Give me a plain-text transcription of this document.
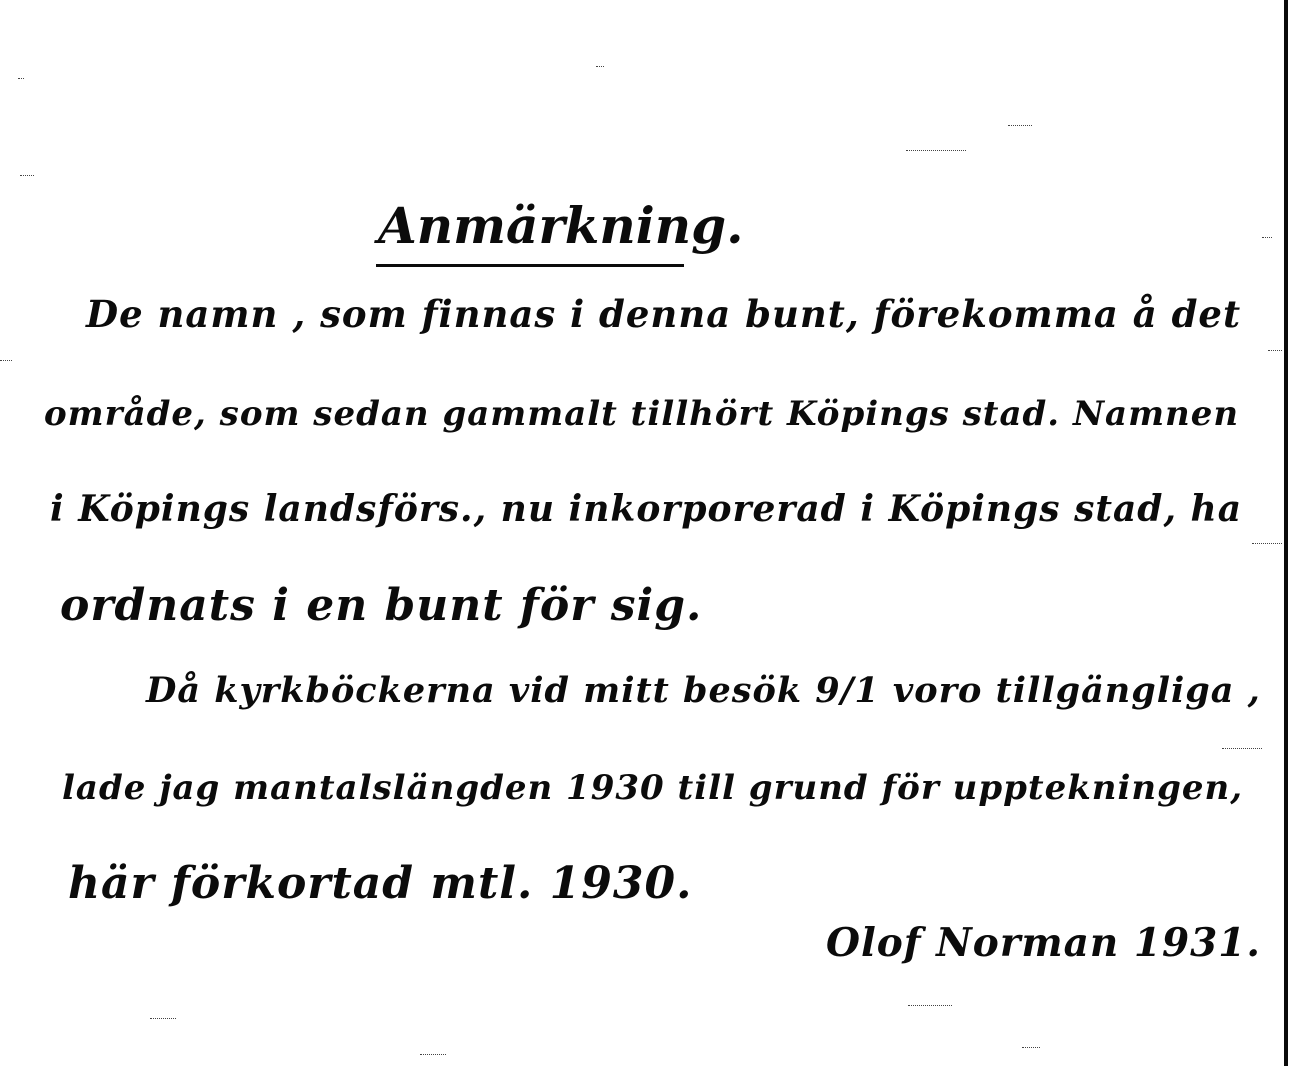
Anmärkning.
De namn , som finnas i denna bunt, förekomma å det
område, som sedan gammalt tillhört Köpings stad. Namnen
i Köpings landsförs., nu inkorporerad i Köpings stad, ha
ordnats i en bunt för sig.
Då kyrkböckerna vid mitt besök 9/1 voro tillgängliga ,
lade jag mantalslängden 1930 till grund för upptekningen,
här förkortad mtl. 1930.
Olof Norman 1931.
